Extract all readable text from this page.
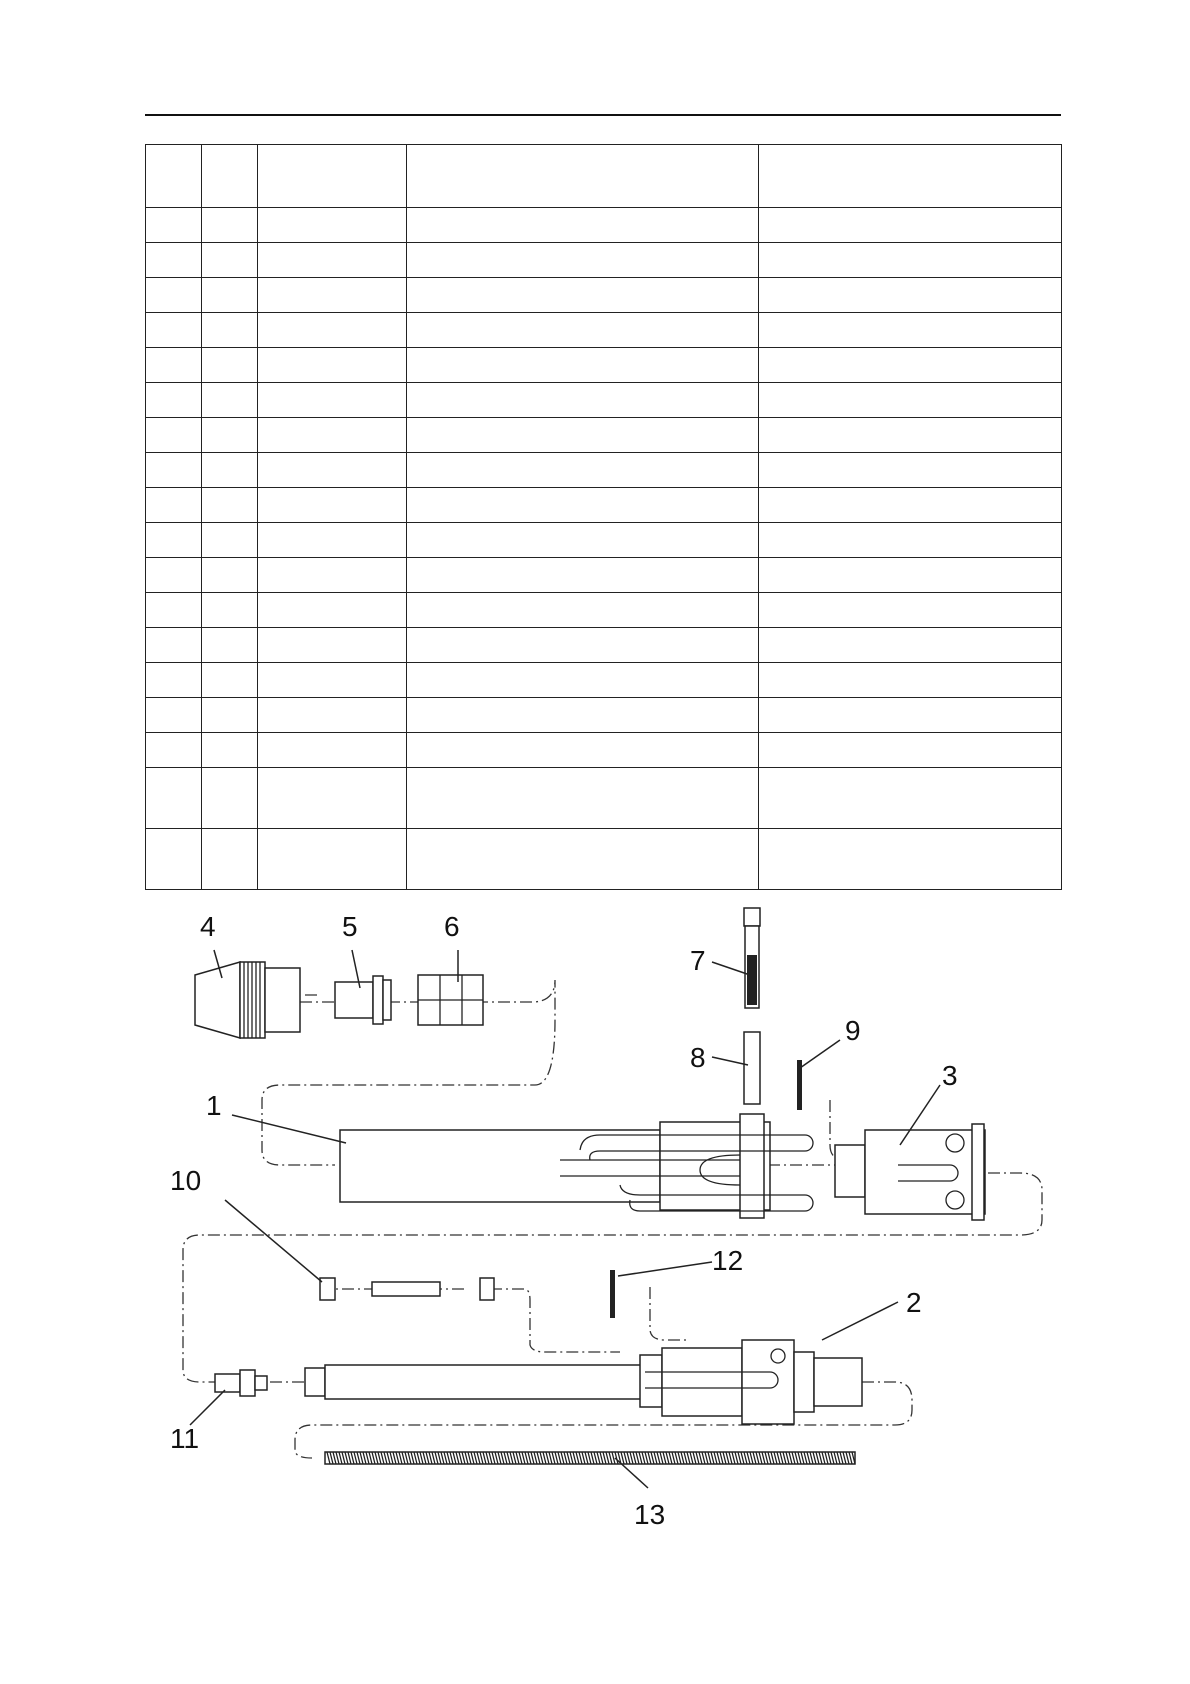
4	5	6
7
8
9
3
1
10
11
12
2
13
